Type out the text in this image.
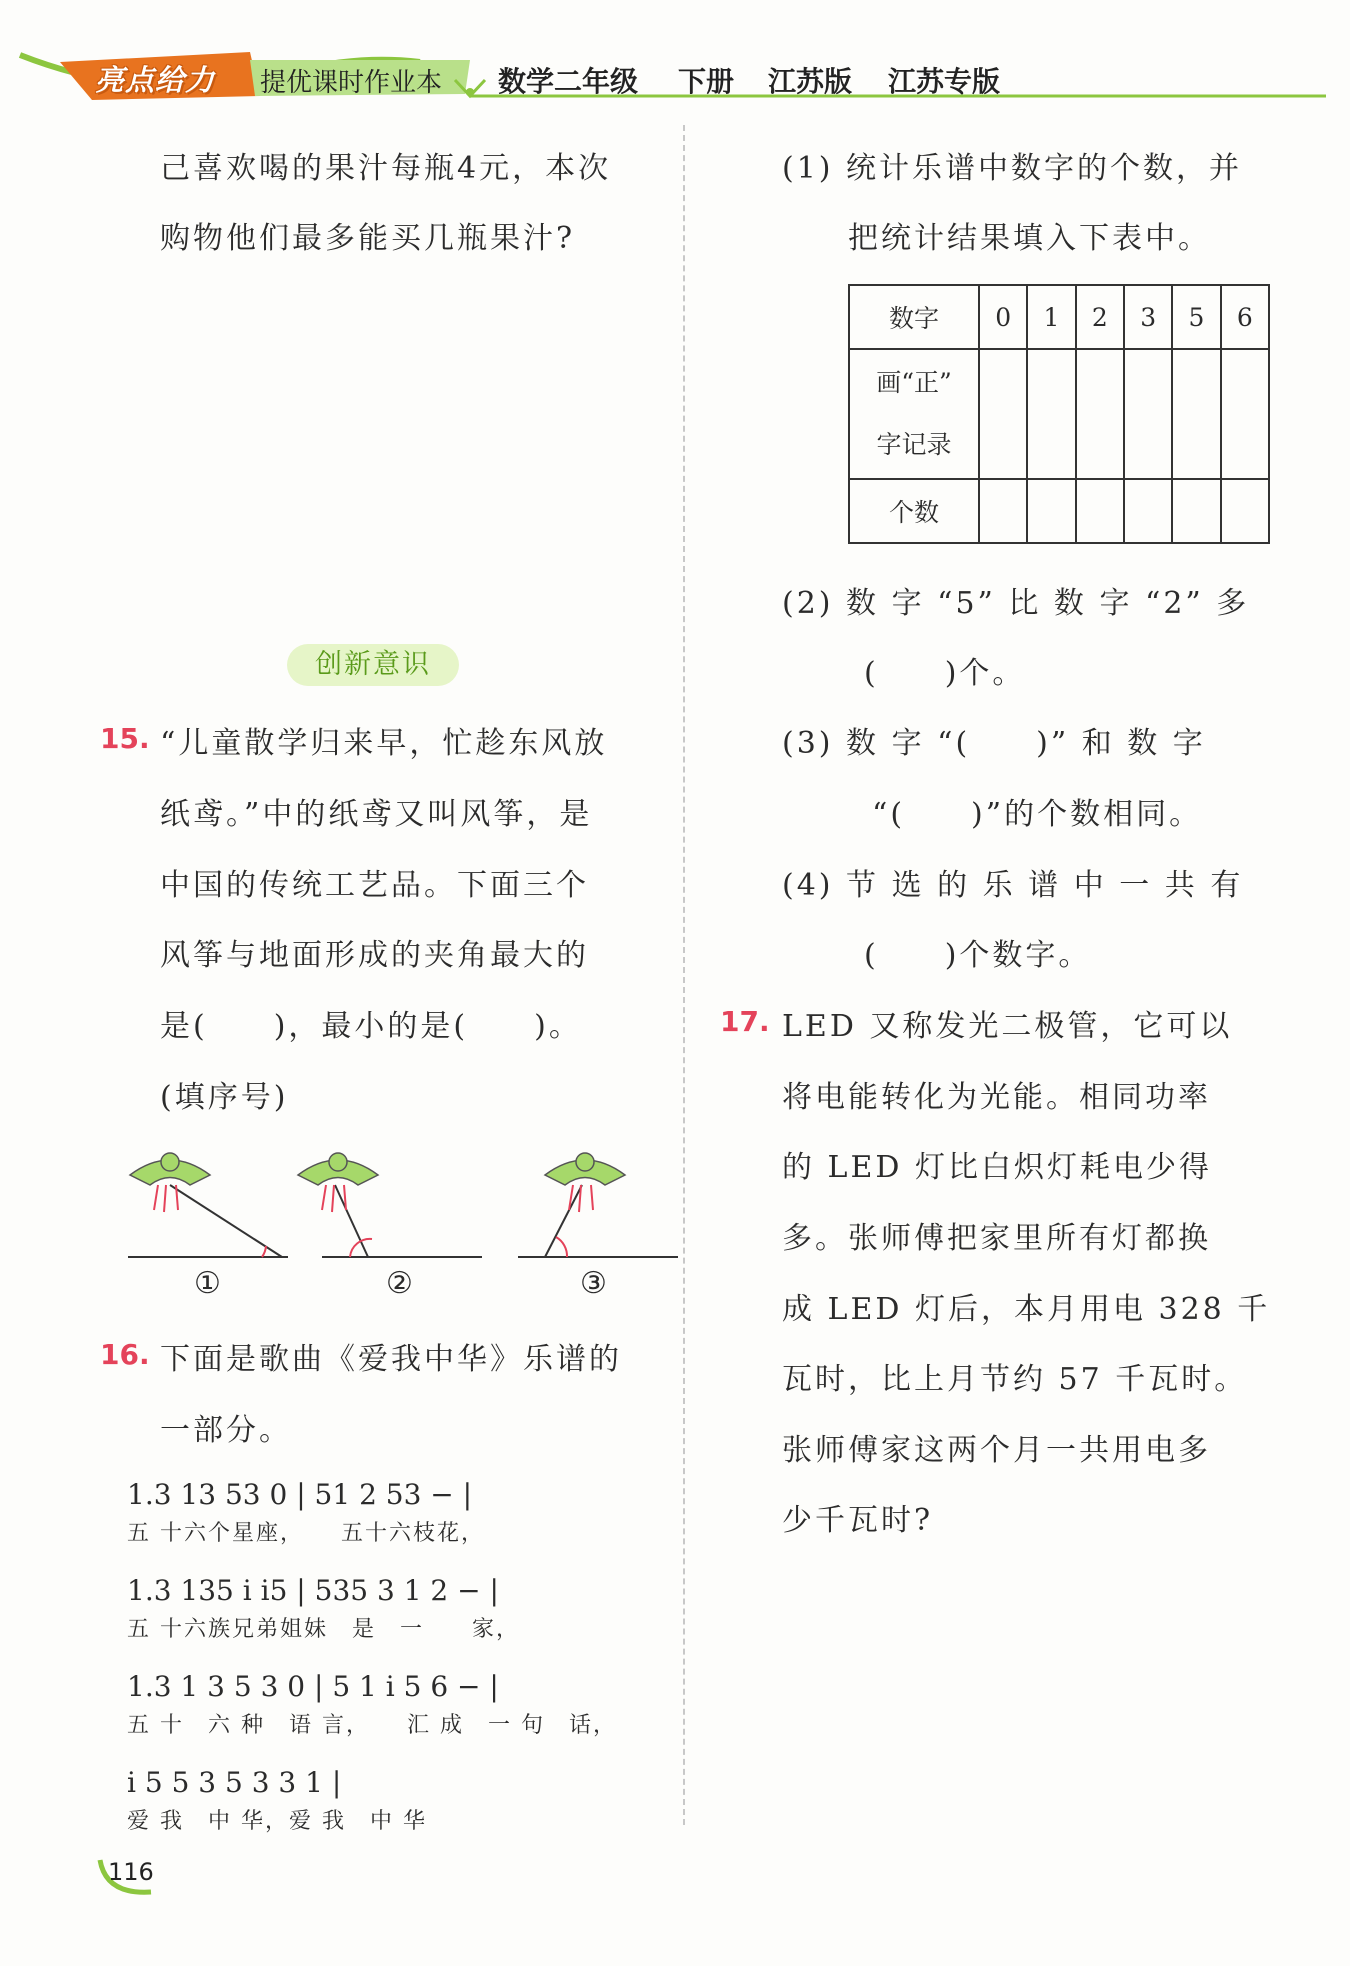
亮点给力 提优课时作业本 数学二年级 下册 江苏版 江苏专版
己喜欢喝的果汁每瓶4元，本次
购物他们最多能买几瓶果汁?
创新意识
15. “儿童散学归来早，忙趁东风放
纸鸢。”中的纸鸢又叫风筝，是
中国的传统工艺品。下面三个
风筝与地面形成的夹角最大的
是(　　)，最小的是(　　)。
(填序号)
①	②	③
16. 下面是歌曲《爱我中华》乐谱的
一部分。
1.3 13 53 0 | 51 2 53 − |
五 十六个星座，　　五十六枝花，
1.3 135 i i5 | 535 3 1 2 − |
五 十六族兄弟姐妹　是　一　　家，
1.3 1 3 5 3 0 | 5 1 i 5 6 − |
五 十　六 种　语 言，　　汇 成　一 句　话，
i 5 5 3 5 3 3 1 |
爱 我　中 华，爱 我　中 华
(1) 统计乐谱中数字的个数，并
把统计结果填入下表中。
数字	0	1	2	3	5	6

画“正”
字记录						

个数						
(2) 数 字 “5” 比 数 字 “2” 多
(　　)个。
(3) 数 字 “(　　)” 和 数 字
“(　　)”的个数相同。
(4) 节 选 的 乐 谱 中 一 共 有
(　　)个数字。
17. LED 又称发光二极管，它可以
将电能转化为光能。相同功率
的 LED 灯比白炽灯耗电少得
多。张师傅把家里所有灯都换
成 LED 灯后，本月用电 328 千
瓦时，比上月节约 57 千瓦时。
张师傅家这两个月一共用电多
少千瓦时?
116
